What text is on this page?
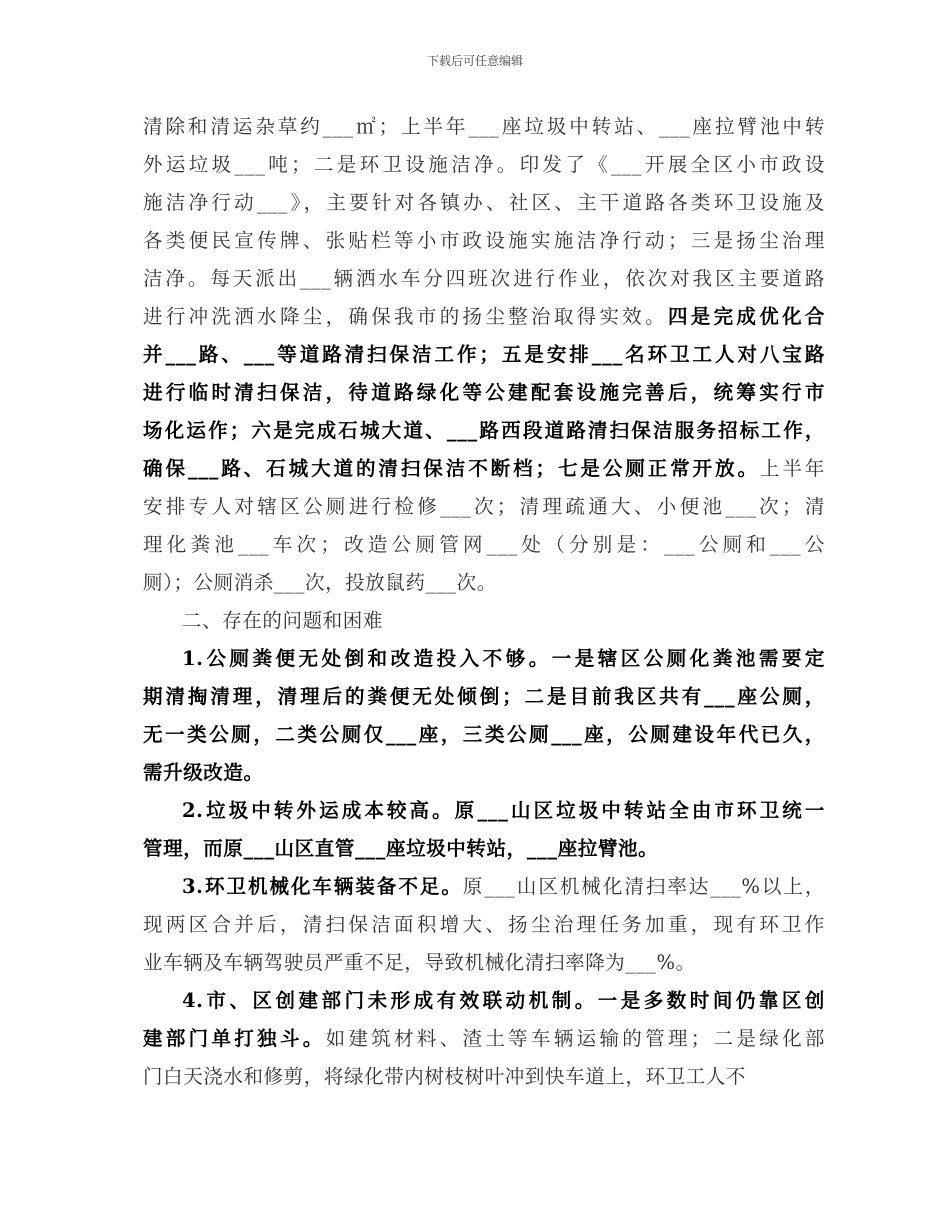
下载后可任意编辑
清除和清运杂草约___㎡；上半年___座垃圾中转站、___座拉臂池中转
外运垃圾___吨；二是环卫设施洁净。印发了《___开展全区小市政设
施洁净行动___》，主要针对各镇办、社区、主干道路各类环卫设施及
各类便民宣传牌、张贴栏等小市政设施实施洁净行动；三是扬尘治理
洁净。每天派出___辆洒水车分四班次进行作业，依次对我区主要道路
进行冲洗洒水降尘，确保我市的扬尘整治取得实效。四是完成优化合
并___路、___等道路清扫保洁工作；五是安排___名环卫工人对八宝路
进行临时清扫保洁，待道路绿化等公建配套设施完善后，统筹实行市
场化运作；六是完成石城大道、___路西段道路清扫保洁服务招标工作，
确保___路、石城大道的清扫保洁不断档；七是公厕正常开放。上半年
安排专人对辖区公厕进行检修___次；清理疏通大、小便池___次；清
理化粪池___车次；改造公厕管网___处（分别是：___公厕和___公
厕）；公厕消杀___次，投放鼠药___次。
二、存在的问题和困难
1.公厕粪便无处倒和改造投入不够。一是辖区公厕化粪池需要定
期清掏清理，清理后的粪便无处倾倒；二是目前我区共有___座公厕，
无一类公厕，二类公厕仅___座，三类公厕___座，公厕建设年代已久，
需升级改造。
2.垃圾中转外运成本较高。原___山区垃圾中转站全由市环卫统一
管理，而原___山区直管___座垃圾中转站，___座拉臂池。
3.环卫机械化车辆装备不足。原___山区机械化清扫率达___%以上，
现两区合并后，清扫保洁面积增大、扬尘治理任务加重，现有环卫作
业车辆及车辆驾驶员严重不足，导致机械化清扫率降为___%。
4.市、区创建部门未形成有效联动机制。一是多数时间仍靠区创
建部门单打独斗。如建筑材料、渣土等车辆运输的管理；二是绿化部
门白天浇水和修剪，将绿化带内树枝树叶冲到快车道上，环卫工人不
